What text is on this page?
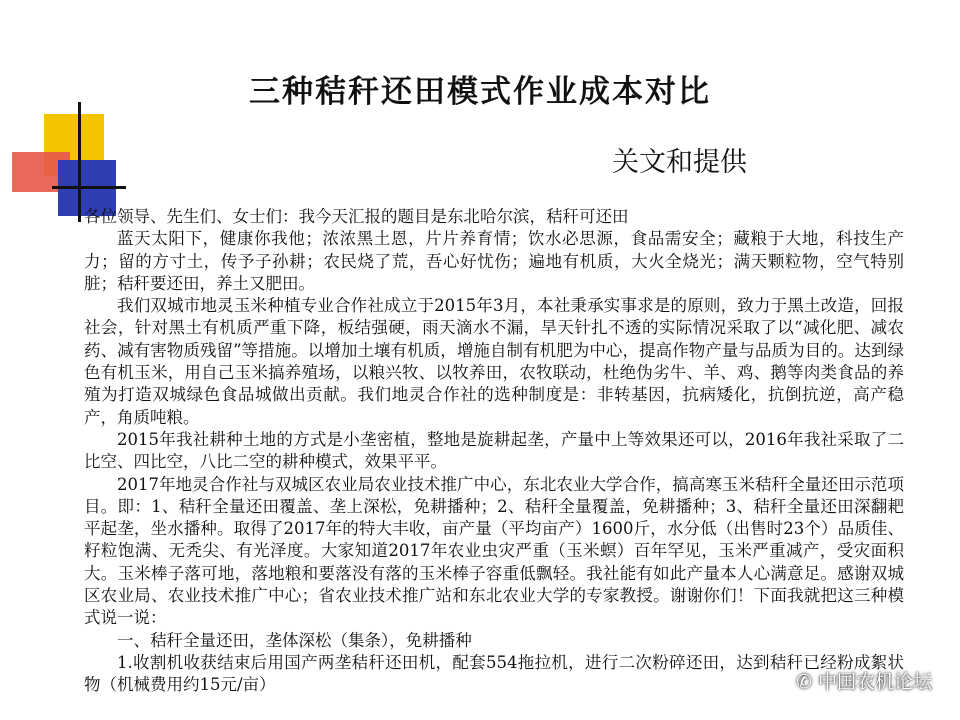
三种秸秆还田模式作业成本对比
关文和提供

各位领导、先生们、女士们：我今天汇报的题目是东北哈尔滨，秸秆可还田

蓝天太阳下，健康你我他；浓浓黑土恩，片片养育情；饮水必思源，食品需安全；藏粮于大地，科技生产力；留的方寸土，传予子孙耕；农民烧了荒，吾心好忧伤；遍地有机质，大火全烧光；满天颗粒物，空气特别脏；秸秆要还田，养土又肥田。

我们双城市地灵玉米种植专业合作社成立于2015年3月，本社秉承实事求是的原则，致力于黑土改造，回报社会，针对黑土有机质严重下降，板结强硬，雨天滴水不漏，旱天针扎不透的实际情况采取了以“减化肥、减农药、减有害物质残留”等措施。以增加土壤有机质，增施自制有机肥为中心，提高作物产量与品质为目的。达到绿色有机玉米，用自己玉米搞养殖场，以粮兴牧、以牧养田，农牧联动，杜绝伪劣牛、羊、鸡、鹅等肉类食品的养殖为打造双城绿色食品城做出贡献。我们地灵合作社的选种制度是：非转基因，抗病矮化，抗倒抗逆，高产稳产，角质吨粮。

2015年我社耕种土地的方式是小垄密植，整地是旋耕起垄，产量中上等效果还可以，2016年我社采取了二比空、四比空，八比二空的耕种模式，效果平平。

2017年地灵合作社与双城区农业局农业技术推广中心，东北农业大学合作，搞高寒玉米秸秆全量还田示范项目。即：1、秸秆全量还田覆盖、垄上深松，免耕播种；2、秸秆全量覆盖，免耕播种；3、秸秆全量还田深翻耙平起垄，坐水播种。取得了2017年的特大丰收，亩产量（平均亩产）1600斤，水分低（出售时23个）品质佳、籽粒饱满、无秃尖、有光泽度。大家知道2017年农业虫灾严重（玉米螟）百年罕见，玉米严重减产，受灾面积大。玉米棒子落可地，落地粮和要落没有落的玉米棒子容重低飘轻。我社能有如此产量本人心满意足。感谢双城区农业局、农业技术推广中心；省农业技术推广站和东北农业大学的专家教授。谢谢你们！下面我就把这三种模式说一说：

一、秸秆全量还田，垄体深松（集条），免耕播种

1.收割机收获结束后用国产两垄秸秆还田机，配套554拖拉机，进行二次粉碎还田，达到秸秆已经粉成絮状物（机械费用约15元/亩）	✆ 中国农机论坛
